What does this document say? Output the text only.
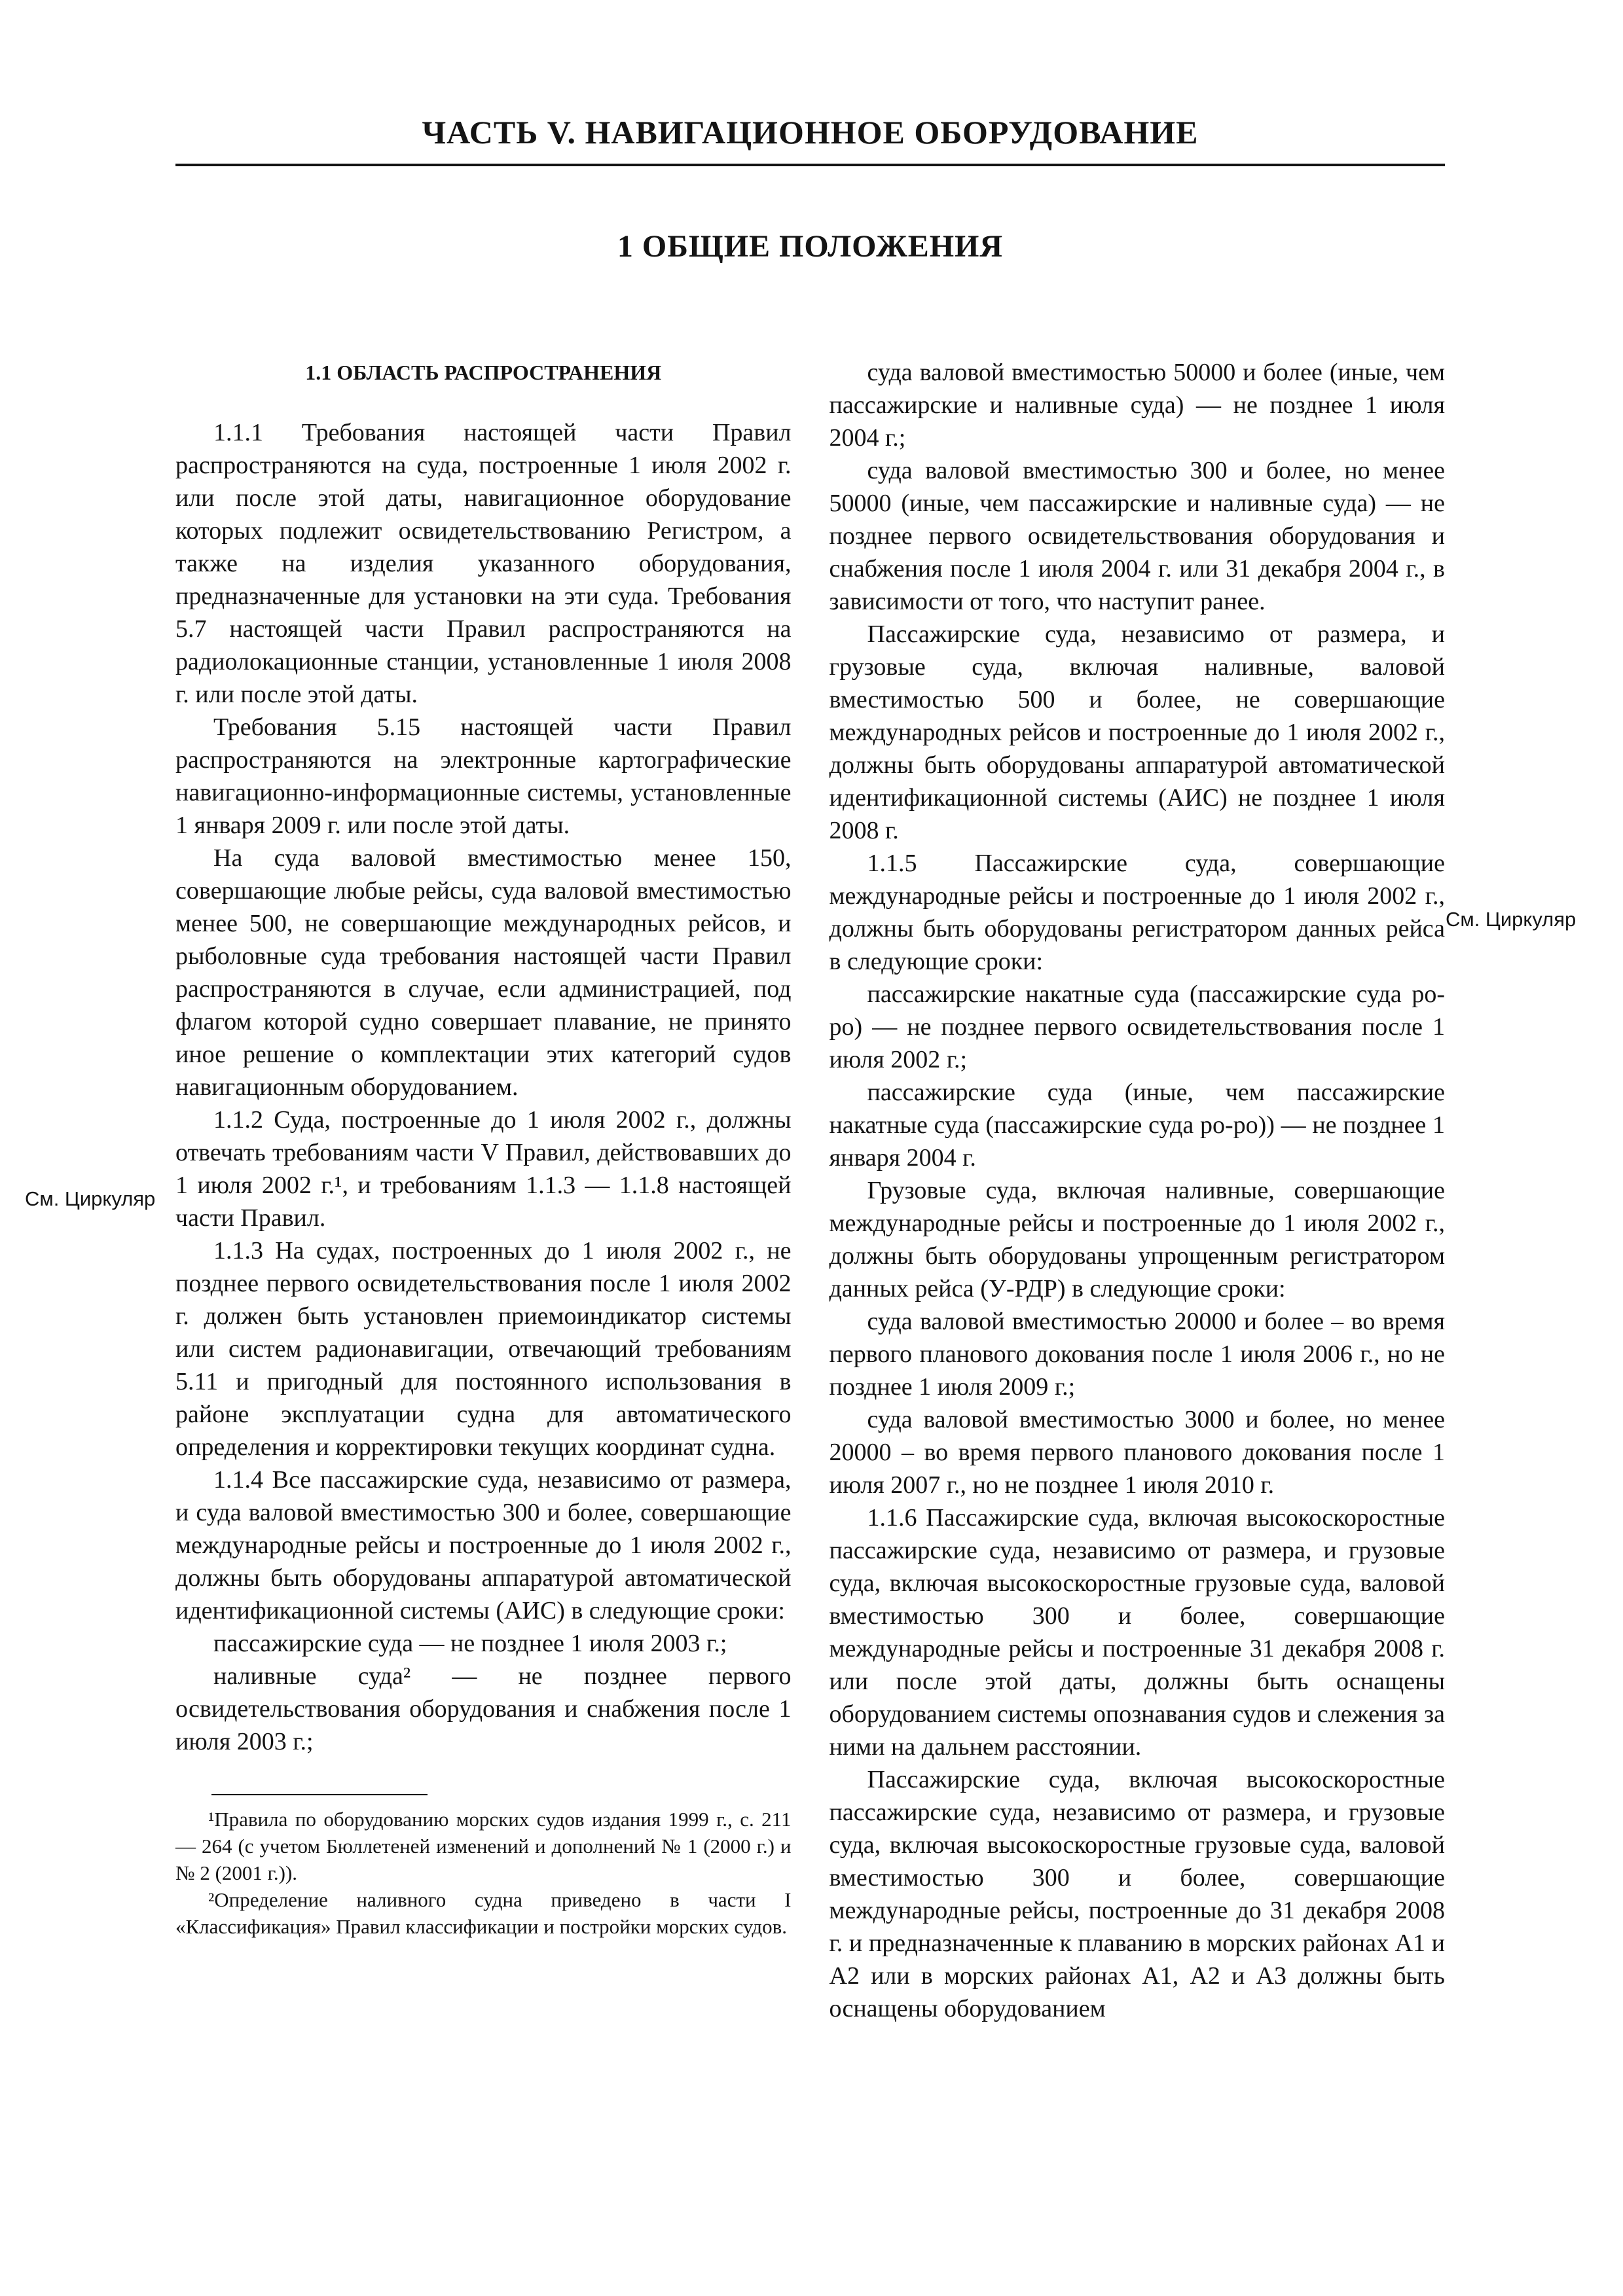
ЧАСТЬ V. НАВИГАЦИОННОЕ ОБОРУДОВАНИЕ
1 ОБЩИЕ ПОЛОЖЕНИЯ
1.1 ОБЛАСТЬ РАСПРОСТРАНЕНИЯ

1.1.1 Требования настоящей части Правил распространяются на суда, построенные 1 июля 2002 г. или после этой даты, навигационное оборудование которых подлежит освидетельствованию Регистром, а также на изделия указанного оборудования, предназначенные для установки на эти суда. Требования 5.7 настоящей части Правил распространяются на радиолокационные станции, установленные 1 июля 2008 г. или после этой даты.

Требования 5.15 настоящей части Правил распространяются на электронные картографические навигационно-информационные системы, установленные 1 января 2009 г. или после этой даты.

На суда валовой вместимостью менее 150, совершающие любые рейсы, суда валовой вместимостью менее 500, не совершающие международных рейсов, и рыболовные суда требования настоящей части Правил распространяются в случае, если администрацией, под флагом которой судно совершает плавание, не принято иное решение о комплектации этих категорий судов навигационным оборудованием.

1.1.2 Суда, построенные до 1 июля 2002 г., должны отвечать требованиям части V Правил, действовавших до 1 июля 2002 г.¹, и требованиям 1.1.3 — 1.1.8 настоящей части Правил.

1.1.3 На судах, построенных до 1 июля 2002 г., не позднее первого освидетельствования после 1 июля 2002 г. должен быть установлен приемоиндикатор системы или систем радионавигации, отвечающий требованиям 5.11 и пригодный для постоянного использования в районе эксплуатации судна для автоматического определения и корректировки текущих координат судна.

1.1.4 Все пассажирские суда, независимо от размера, и суда валовой вместимостью 300 и более, совершающие международные рейсы и построенные до 1 июля 2002 г., должны быть оборудованы аппаратурой автоматической идентификационной системы (АИС) в следующие сроки:

пассажирские суда — не позднее 1 июля 2003 г.;

наливные суда² — не позднее первого освидетельствования оборудования и снабжения после 1 июля 2003 г.;

¹Правила по оборудованию морских судов издания 1999 г., с. 211 — 264 (с учетом Бюллетеней изменений и дополнений № 1 (2000 г.) и № 2 (2001 г.)).

²Определение наливного судна приведено в части I «Классификация» Правил классификации и постройки морских судов.

суда валовой вместимостью 50000 и более (иные, чем пассажирские и наливные суда) — не позднее 1 июля 2004 г.;

суда валовой вместимостью 300 и более, но менее 50000 (иные, чем пассажирские и наливные суда) — не позднее первого освидетельствования оборудования и снабжения после 1 июля 2004 г. или 31 декабря 2004 г., в зависимости от того, что наступит ранее.

Пассажирские суда, независимо от размера, и грузовые суда, включая наливные, валовой вместимостью 500 и более, не совершающие международных рейсов и построенные до 1 июля 2002 г., должны быть оборудованы аппаратурой автоматической идентификационной системы (АИС) не позднее 1 июля 2008 г.

1.1.5 Пассажирские суда, совершающие международные рейсы и построенные до 1 июля 2002 г., должны быть оборудованы регистратором данных рейса в следующие сроки:

пассажирские накатные суда (пассажирские суда ро-ро) — не позднее первого освидетельствования после 1 июля 2002 г.;

пассажирские суда (иные, чем пассажирские накатные суда (пассажирские суда ро-ро)) — не позднее 1 января 2004 г.

Грузовые суда, включая наливные, совершающие международные рейсы и построенные до 1 июля 2002 г., должны быть оборудованы упрощенным регистратором данных рейса (У-РДР) в следующие сроки:

суда валовой вместимостью 20000 и более – во время первого планового докования после 1 июля 2006 г., но не позднее 1 июля 2009 г.;

суда валовой вместимостью 3000 и более, но менее 20000 – во время первого планового докования после 1 июля 2007 г., но не позднее 1 июля 2010 г.

1.1.6 Пассажирские суда, включая высокоскоростные пассажирские суда, независимо от размера, и грузовые суда, включая высокоскоростные грузовые суда, валовой вместимостью 300 и более, совершающие международные рейсы и построенные 31 декабря 2008 г. или после этой даты, должны быть оснащены оборудованием системы опознавания судов и слежения за ними на дальнем расстоянии.

Пассажирские суда, включая высокоскоростные пассажирские суда, независимо от размера, и грузовые суда, включая высокоскоростные грузовые суда, валовой вместимостью 300 и более, совершающие международные рейсы, построенные до 31 декабря 2008 г. и предназначенные к плаванию в морских районах А1 и А2 или в морских районах А1, А2 и А3 должны быть оснащены оборудованием

См. Циркуляр
См. Циркуляр
